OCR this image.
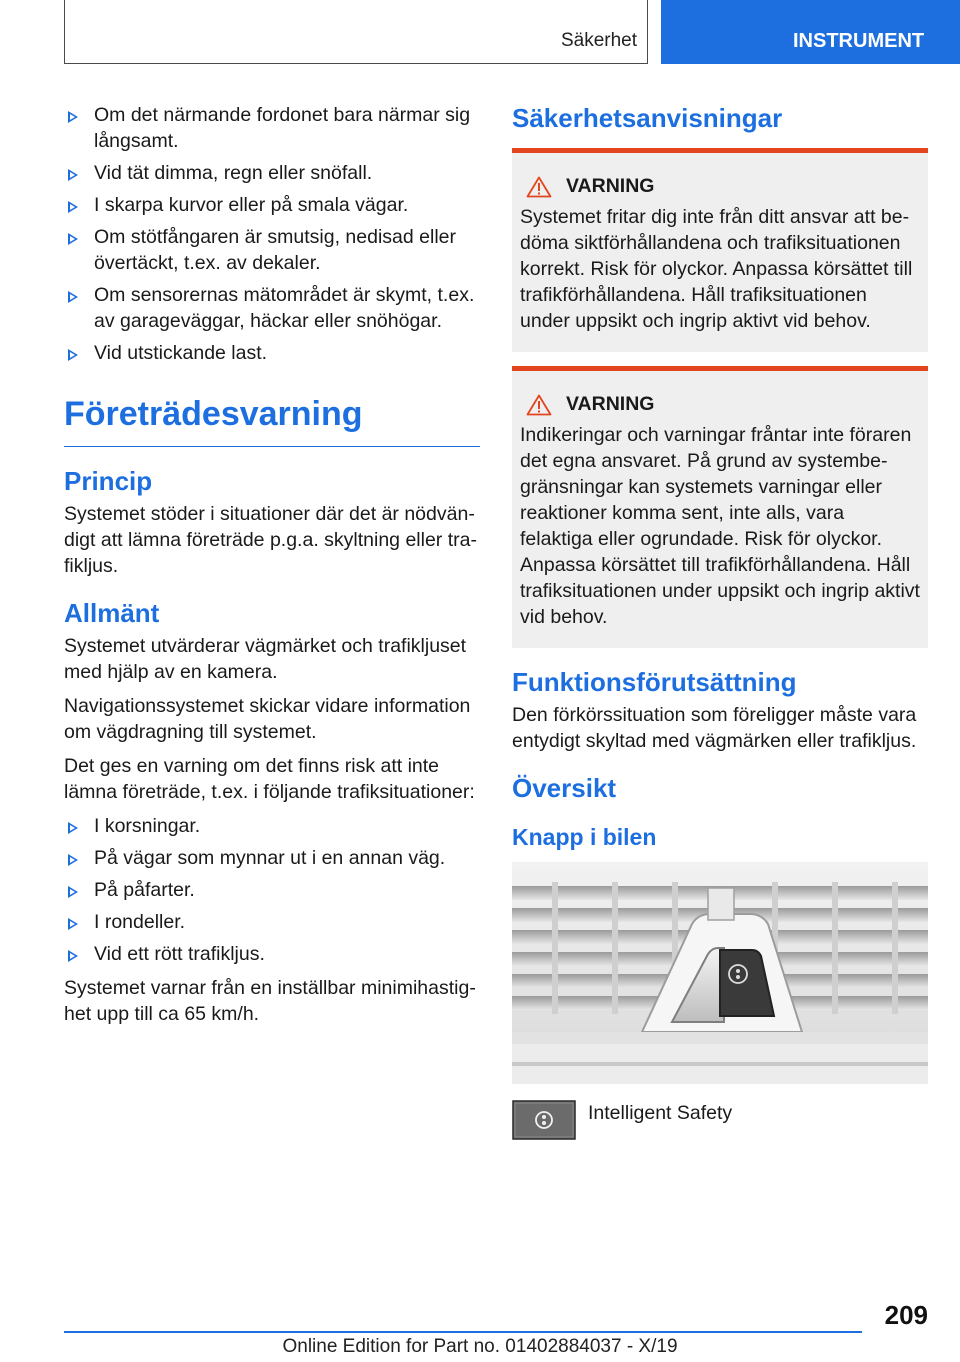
Säkerhet	INSTRUMENT
Om det närmande fordonet bara närmar sig långsamt.
Vid tät dimma, regn eller snöfall.
I skarpa kurvor eller på smala vägar.
Om stötfångaren är smutsig, nedisad eller övertäckt, t.ex. av dekaler.
Om sensorernas mätområdet är skymt, t.ex. av garageväggar, häckar eller snöhögar.
Vid utstickande last.
Företrädesvarning
Princip

Systemet stöder i situationer där det är nödvändigt att lämna företräde p.g.a. skyltning eller trafikljus.

Allmänt

Systemet utvärderar vägmärket och trafikljuset med hjälp av en kamera.

Navigationssystemet skickar vidare information om vägdragning till systemet.

Det ges en varning om det finns risk att inte lämna företräde, t.ex. i följande trafiksituationer:

I korsningar.
På vägar som mynnar ut i en annan väg.
På påfarter.
I rondeller.
Vid ett rött trafikljus.

Systemet varnar från en inställbar minimihastighet upp till ca 65 km/h.

Säkerhetsanvisningar
VARNING

Systemet fritar dig inte från ditt ansvar att bedöma siktförhållandena och trafiksituationen korrekt. Risk för olyckor. Anpassa körsättet till trafikförhållandena. Håll trafiksituationen under uppsikt och ingrip aktivt vid behov.

VARNING

Indikeringar och varningar fråntar inte föraren det egna ansvaret. På grund av systembegränsningar kan systemets varningar eller reaktioner komma sent, inte alls, vara felaktiga eller ogrundade. Risk för olyckor. Anpassa körsättet till trafikförhållandena. Håll trafiksituationen under uppsikt och ingrip aktivt vid behov.

Funktionsförutsättning

Den förkörssituation som föreligger måste vara entydigt skyltad med vägmärken eller trafikljus.

Översikt
Knapp i bilen

Intelligent Safety

209
Online Edition for Part no. 01402884037 - X/19
